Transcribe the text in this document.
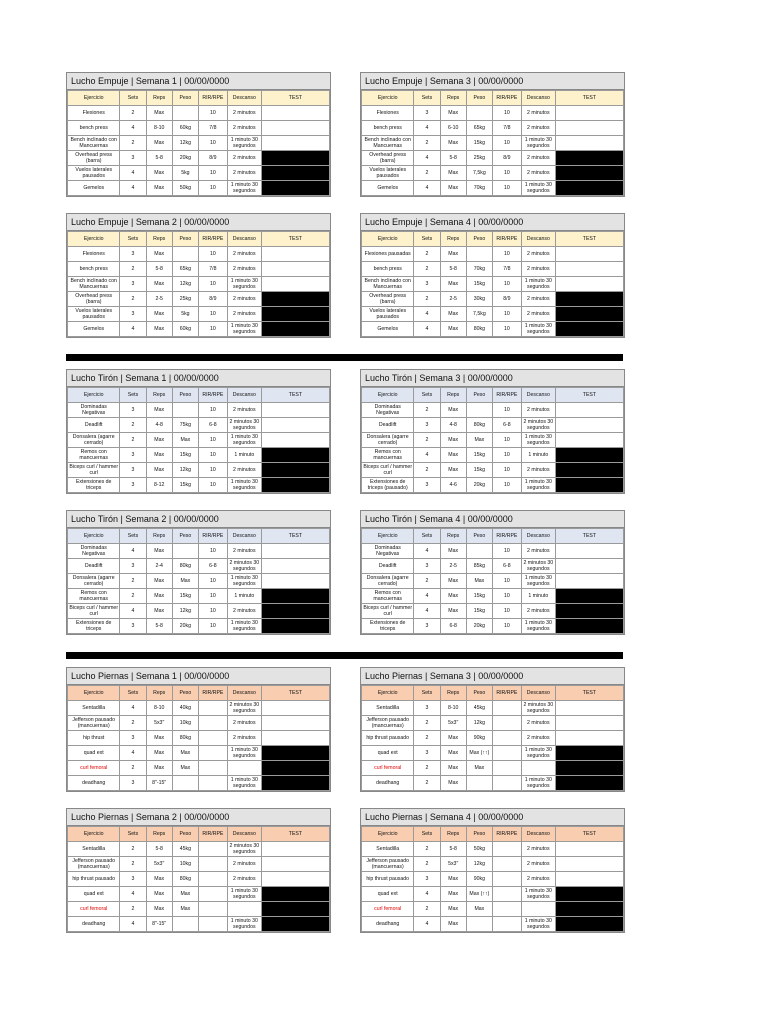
Lucho Empuje | Semana 1 | 00/00/0000
Ejercicio	Sets	Reps	Peso	RIR/RPE	Descanso	TEST
Flexiones	2	Max		10	2 minutos	
bench press	4	8-10	60kg	7/8	2 minutos	
Bench inclinado con Mancuernas	2	Max	12kg	10	1 minuto 30 segundos	
Overhead press (barra)	3	5-8	20kg	8/9	2 minutos	
Vuelos laterales pausados	4	Max	5kg	10	2 minutos	
Gemelos	4	Max	50kg	10	1 minuto 30 segundos	
Lucho Empuje | Semana 3 | 00/00/0000
Ejercicio	Sets	Reps	Peso	RIR/RPE	Descanso	TEST
Flexiones	3	Max		10	2 minutos	
bench press	4	6-10	65kg	7/8	2 minutos	
Bench inclinado con Mancuernas	2	Max	15kg	10	1 minuto 30 segundos	
Overhead press (barra)	4	5-8	25kg	8/9	2 minutos	
Vuelos laterales pausados	2	Max	7,5kg	10	2 minutos	
Gemelos	4	Max	70kg	10	1 minuto 30 segundos	
Lucho Empuje | Semana 2 | 00/00/0000
Ejercicio	Sets	Reps	Peso	RIR/RPE	Descanso	TEST
Flexiones	3	Max		10	2 minutos	
bench press	2	5-8	65kg	7/8	2 minutos	
Bench inclinado con Mancuernas	3	Max	12kg	10	1 minuto 30 segundos	
Overhead press (barra)	2	2-5	25kg	8/9	2 minutos	
Vuelos laterales pausados	3	Max	5kg	10	2 minutos	
Gemelos	4	Max	60kg	10	1 minuto 30 segundos	
Lucho Empuje | Semana 4 | 00/00/0000
Ejercicio	Sets	Reps	Peso	RIR/RPE	Descanso	TEST
Flexiones pausadas	2	Max		10	2 minutos	
bench press	2	5-8	70kg	7/8	2 minutos	
Bench inclinado con Mancuernas	3	Max	15kg	10	1 minuto 30 segundos	
Overhead press (barra)	2	2-5	30kg	8/9	2 minutos	
Vuelos laterales pausados	4	Max	7,5kg	10	2 minutos	
Gemelos	4	Max	80kg	10	1 minuto 30 segundos	
Lucho Tirón | Semana 1 | 00/00/0000
Ejercicio	Sets	Reps	Peso	RIR/RPE	Descanso	TEST
Dominadas Negativas	3	Max		10	2 minutos	
Deadlift	2	4-8	75kg	6-8	2 minutos 30 segundos	
Donsalera (agarre cerrado)	2	Max	Max	10	1 minuto 30 segundos	
Remos con mancuernas	3	Max	15kg	10	1 minuto	
Biceps curl / hammer curl	3	Max	12kg	10	2 minutos	
Extensiones de triceps	3	8-12	15kg	10	1 minuto 30 segundos	
Lucho Tirón | Semana 3 | 00/00/0000
Ejercicio	Sets	Reps	Peso	RIR/RPE	Descanso	TEST
Dominadas Negativas	2	Max		10	2 minutos	
Deadlift	3	4-8	80kg	6-8	2 minutos 30 segundos	
Donsalera (agarre cerrado)	2	Max	Max	10	1 minuto 30 segundos	
Remos con mancuernas	4	Max	15kg	10	1 minuto	
Biceps curl / hammer curl	2	Max	15kg	10	2 minutos	
Extensiones de triceps (pausado)	3	4-6	20kg	10	1 minuto 30 segundos	
Lucho Tirón | Semana 2 | 00/00/0000
Ejercicio	Sets	Reps	Peso	RIR/RPE	Descanso	TEST
Dominadas Negativas	4	Max		10	2 minutos	
Deadlift	3	2-4	80kg	6-8	2 minutos 30 segundos	
Donsalera (agarre cerrado)	2	Max	Max	10	1 minuto 30 segundos	
Remos con mancuernas	2	Max	15kg	10	1 minuto	
Biceps curl / hammer curl	4	Max	12kg	10	2 minutos	
Extensiones de triceps	3	5-8	20kg	10	1 minuto 30 segundos	
Lucho Tirón | Semana 4 | 00/00/0000
Ejercicio	Sets	Reps	Peso	RIR/RPE	Descanso	TEST
Dominadas Negativas	4	Max		10	2 minutos	
Deadlift	3	2-5	85kg	6-8	2 minutos 30 segundos	
Donsalera (agarre cerrado)	2	Max	Max	10	1 minuto 30 segundos	
Remos con mancuernas	4	Max	15kg	10	1 minuto	
Biceps curl / hammer curl	4	Max	15kg	10	2 minutos	
Extensiones de triceps	3	6-8	20kg	10	1 minuto 30 segundos	
Lucho Piernas | Semana 1 | 00/00/0000
Ejercicio	Sets	Reps	Peso	RIR/RPE	Descanso	TEST
Sentadilla	4	8-10	40kg		2 minutos 30 segundos	
Jefferson pausado (mancuernas)	2	5x3"	10kg		2 minutos	
hip thrust	3	Max	80kg		2 minutos	
quad ext	4	Max	Max		1 minuto 30 segundos	
curl femoral	2	Max	Max			
deadhang	3	8"-15"			1 minuto 30 segundos	
Lucho Piernas | Semana 3 | 00/00/0000
Ejercicio	Sets	Reps	Peso	RIR/RPE	Descanso	TEST
Sentadilla	3	8-10	45kg		2 minutos 30 segundos	
Jefferson pausado (mancuernas)	2	5x3"	12kg		2 minutos	
hip thrust pausado	2	Max	90kg		2 minutos	
quad ext	3	Max	Max (↑↑)		1 minuto 30 segundos	
curl femoral	2	Max	Max			
deadhang	2	Max			1 minuto 30 segundos	
Lucho Piernas | Semana 2 | 00/00/0000
Ejercicio	Sets	Reps	Peso	RIR/RPE	Descanso	TEST
Sentadilla	2	5-8	45kg		2 minutos 30 segundos	
Jefferson pausado (mancuernas)	2	5x3"	10kg		2 minutos	
hip thrust pausado	3	Max	80kg		2 minutos	
quad ext	4	Max	Max		1 minuto 30 segundos	
curl femoral	2	Max	Max			
deadhang	4	8"-15"			1 minuto 30 segundos	
Lucho Piernas | Semana 4 | 00/00/0000
Ejercicio	Sets	Reps	Peso	RIR/RPE	Descanso	TEST
Sentadilla	2	5-8	50kg		2 minutos	
Jefferson pausado (mancuernas)	2	5x3"	12kg		2 minutos	
hip thrust pausado	3	Max	90kg		2 minutos	
quad ext	4	Max	Max (↑↑)		1 minuto 30 segundos	
curl femoral	2	Max	Max			
deadhang	4	Max			1 minuto 30 segundos	
